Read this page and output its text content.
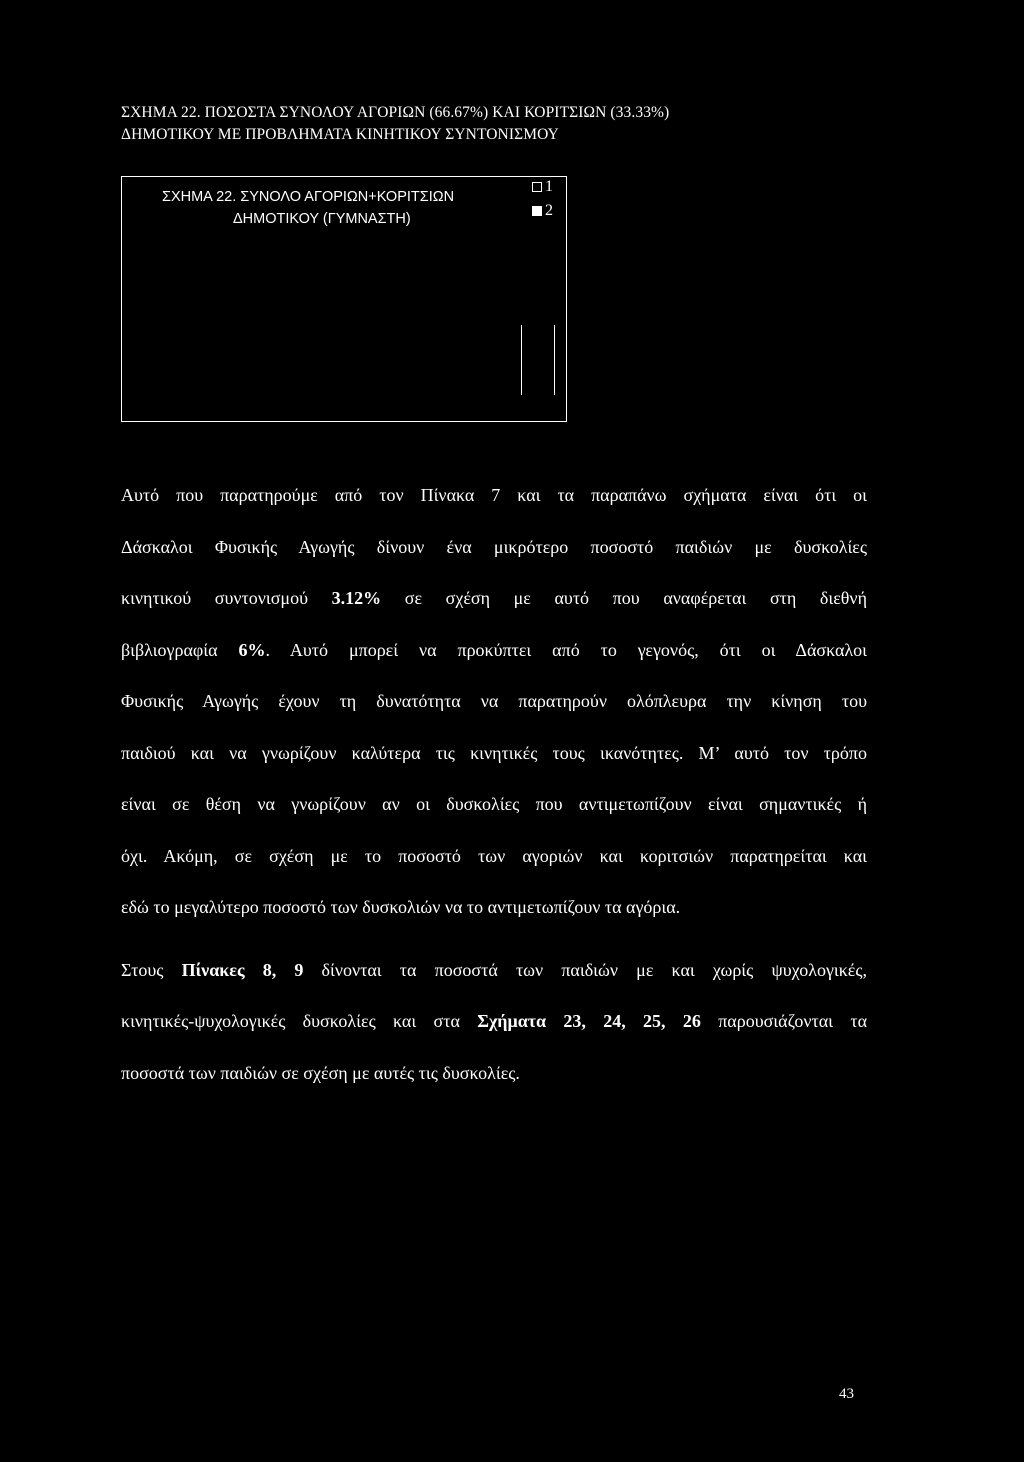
ΣΧΗΜΑ 22. ΠΟΣΟΣΤΑ ΣΥΝΟΛΟΥ ΑΓΟΡΙΩΝ (66.67%) ΚΑΙ ΚΟΡΙΤΣΙΩΝ (33.33%)
ΔΗΜΟΤΙΚΟΥ ΜΕ ΠΡΟΒΛΗΜΑΤΑ ΚΙΝΗΤΙΚΟΥ ΣΥΝΤΟΝΙΣΜΟΥ
ΣΧΗΜΑ 22. ΣΥΝΟΛΟ ΑΓΟΡΙΩΝ+ΚΟΡΙΤΣΙΩΝ
ΔΗΜΟΤΙΚΟΥ (ΓΥΜΝΑΣΤΗ)
1
2
Αυτό που παρατηρούμε από τον Πίνακα 7 και τα παραπάνω σχήματα είναι ότι οι
Δάσκαλοι Φυσικής Αγωγής δίνουν ένα μικρότερο ποσοστό παιδιών με δυσκολίες
κινητικού συντονισμού 3.12% σε σχέση με αυτό που αναφέρεται στη διεθνή
βιβλιογραφία 6%. Αυτό μπορεί να προκύπτει από το γεγονός, ότι οι Δάσκαλοι
Φυσικής Αγωγής έχουν τη δυνατότητα να παρατηρούν ολόπλευρα την κίνηση του
παιδιού και να γνωρίζουν καλύτερα τις κινητικές τους ικανότητες. Μ’ αυτό τον τρόπο
είναι σε θέση να γνωρίζουν αν οι δυσκολίες που αντιμετωπίζουν είναι σημαντικές ή
όχι. Ακόμη, σε σχέση με το ποσοστό των αγοριών και κοριτσιών παρατηρείται και
εδώ το μεγαλύτερο ποσοστό των δυσκολιών να το αντιμετωπίζουν τα αγόρια.
Στους Πίνακες 8, 9 δίνονται τα ποσοστά των παιδιών με και χωρίς ψυχολογικές,
κινητικές-ψυχολογικές δυσκολίες και στα Σχήματα 23, 24, 25, 26 παρουσιάζονται τα
ποσοστά των παιδιών σε σχέση με αυτές τις δυσκολίες.
43
